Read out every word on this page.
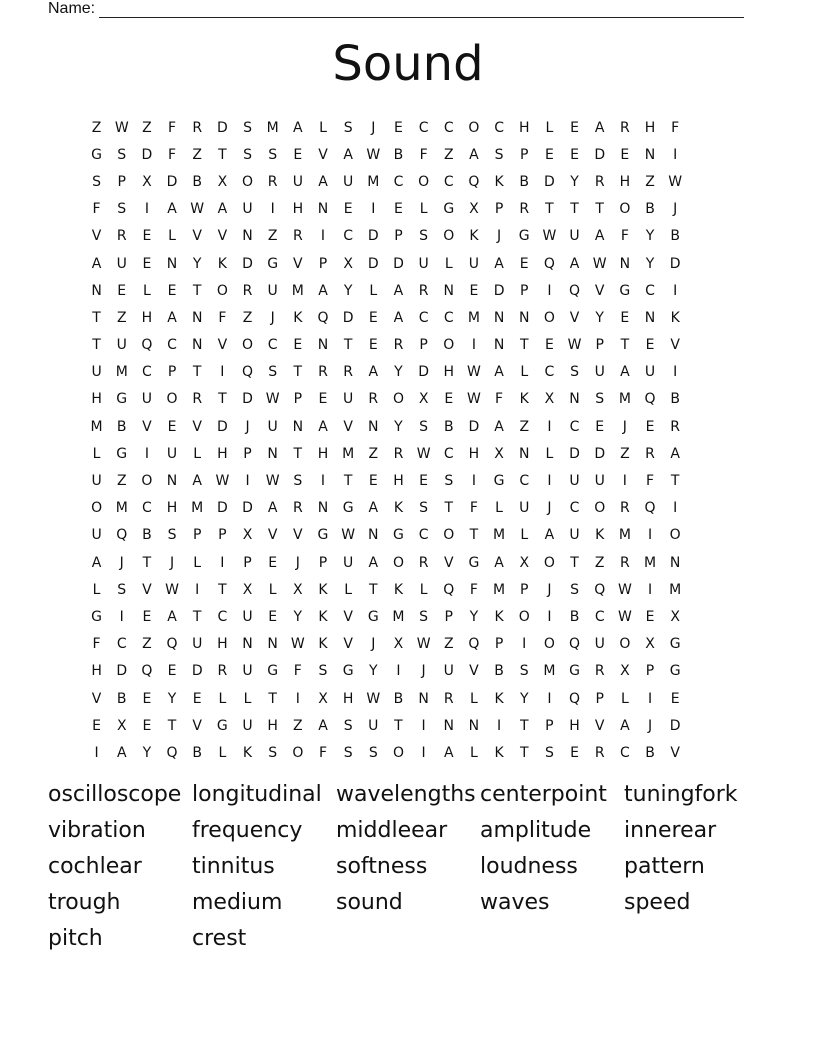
Name:
Sound
Z W Z	F	R	D	S	M	A	L	S	J	E	C	C	O	C	H	L	E	A	R	H	F
G	S	D	F	Z	T	S	S	E	V	A W B	F	Z	A	S	P	E	E	D	E	N	I
S	P	X	D	B	X	O	R	U	A	U M	C	O	C	Q	K	B	D	Y	R	H	Z W
F	S	I	A W A	U	I	H	N	E	I	E	L	G	X	P	R	T	T	T	O	B	J
V	R	E	L	V	V	N	Z	R	I	C	D	P	S	O	K	J	G W U	A	F	Y	B
A	U	E	N	Y	K	D	G	V	P	X	D	D	U	L	U	A	E	Q	A W N	Y	D
N	E	L	E	T	O	R	U M	A	Y	L	A	R	N	E	D	P	I	Q	V	G	C	I
T	Z	H	A	N	F	Z	J	K	Q	D	E	A	C	C	M N	N	O	V	Y	E	N	K
T	U	Q	C	N	V	O	C	E	N	T	E	R	P	O	I	N	T	E W	P	T	E	V
U M	C	P	T	I	Q	S	T	R	R	A	Y	D	H W A	L	C	S	U	A	U	I
H	G	U	O	R	T	D W	P	E	U	R	O	X	E W	F	K	X	N	S	M Q	B
M	B	V	E	V	D	J	U	N	A	V	N	Y	S	B	D	A	Z	I	C	E	J	E	R
L	G	I	U	L	H	P	N	T	H M	Z	R W C	H	X	N	L	D	D	Z	R	A
U	Z	O	N	A W	I	W S	I	T	E	H	E	S	I	G	C	I	U	U	I	F	T
O M	C	H M D	D	A	R	N	G	A	K	S	T	F	L	U	J	C	O	R	Q	I
U	Q	B	S	P	P	X	V	V	G W N	G	C	O	T	M	L	A	U	K	M	I	O
A	J	T	J	L	I	P	E	J	P	U	A	O	R	V	G	A	X	O	T	Z	R	M N
L	S	V W	I	T	X	L	X	K	L	T	K	L	Q	F	M	P	J	S	Q W	I	M
G	I	E	A	T	C	U	E	Y	K	V	G M	S	P	Y	K	O	I	B	C W E	X
F	C	Z	Q	U	H	N	N W K	V	J	X W Z	Q	P	I	O	Q	U	O	X	G
H	D	Q	E	D	R	U	G	F	S	G	Y	I	J	U	V	B	S	M G	R	X	P	G
V	B	E	Y	E	L	L	T	I	X	H W B	N	R	L	K	Y	I	Q	P	L	I	E
E	X	E	T	V	G	U	H	Z	A	S	U	T	I	N	N	I	T	P	H	V	A	J	D
I	A	Y	Q	B	L	K	S	O	F	S	S	O	I	A	L	K	T	S	E	R	C	B	V
oscilloscope longitudinal wavelengths centerpoint tuningfork
vibration	frequency	middleear	amplitude	innerear
cochlear	tinnitus	softness	loudness	pattern
trough	medium	sound	waves	speed
pitch	crest
